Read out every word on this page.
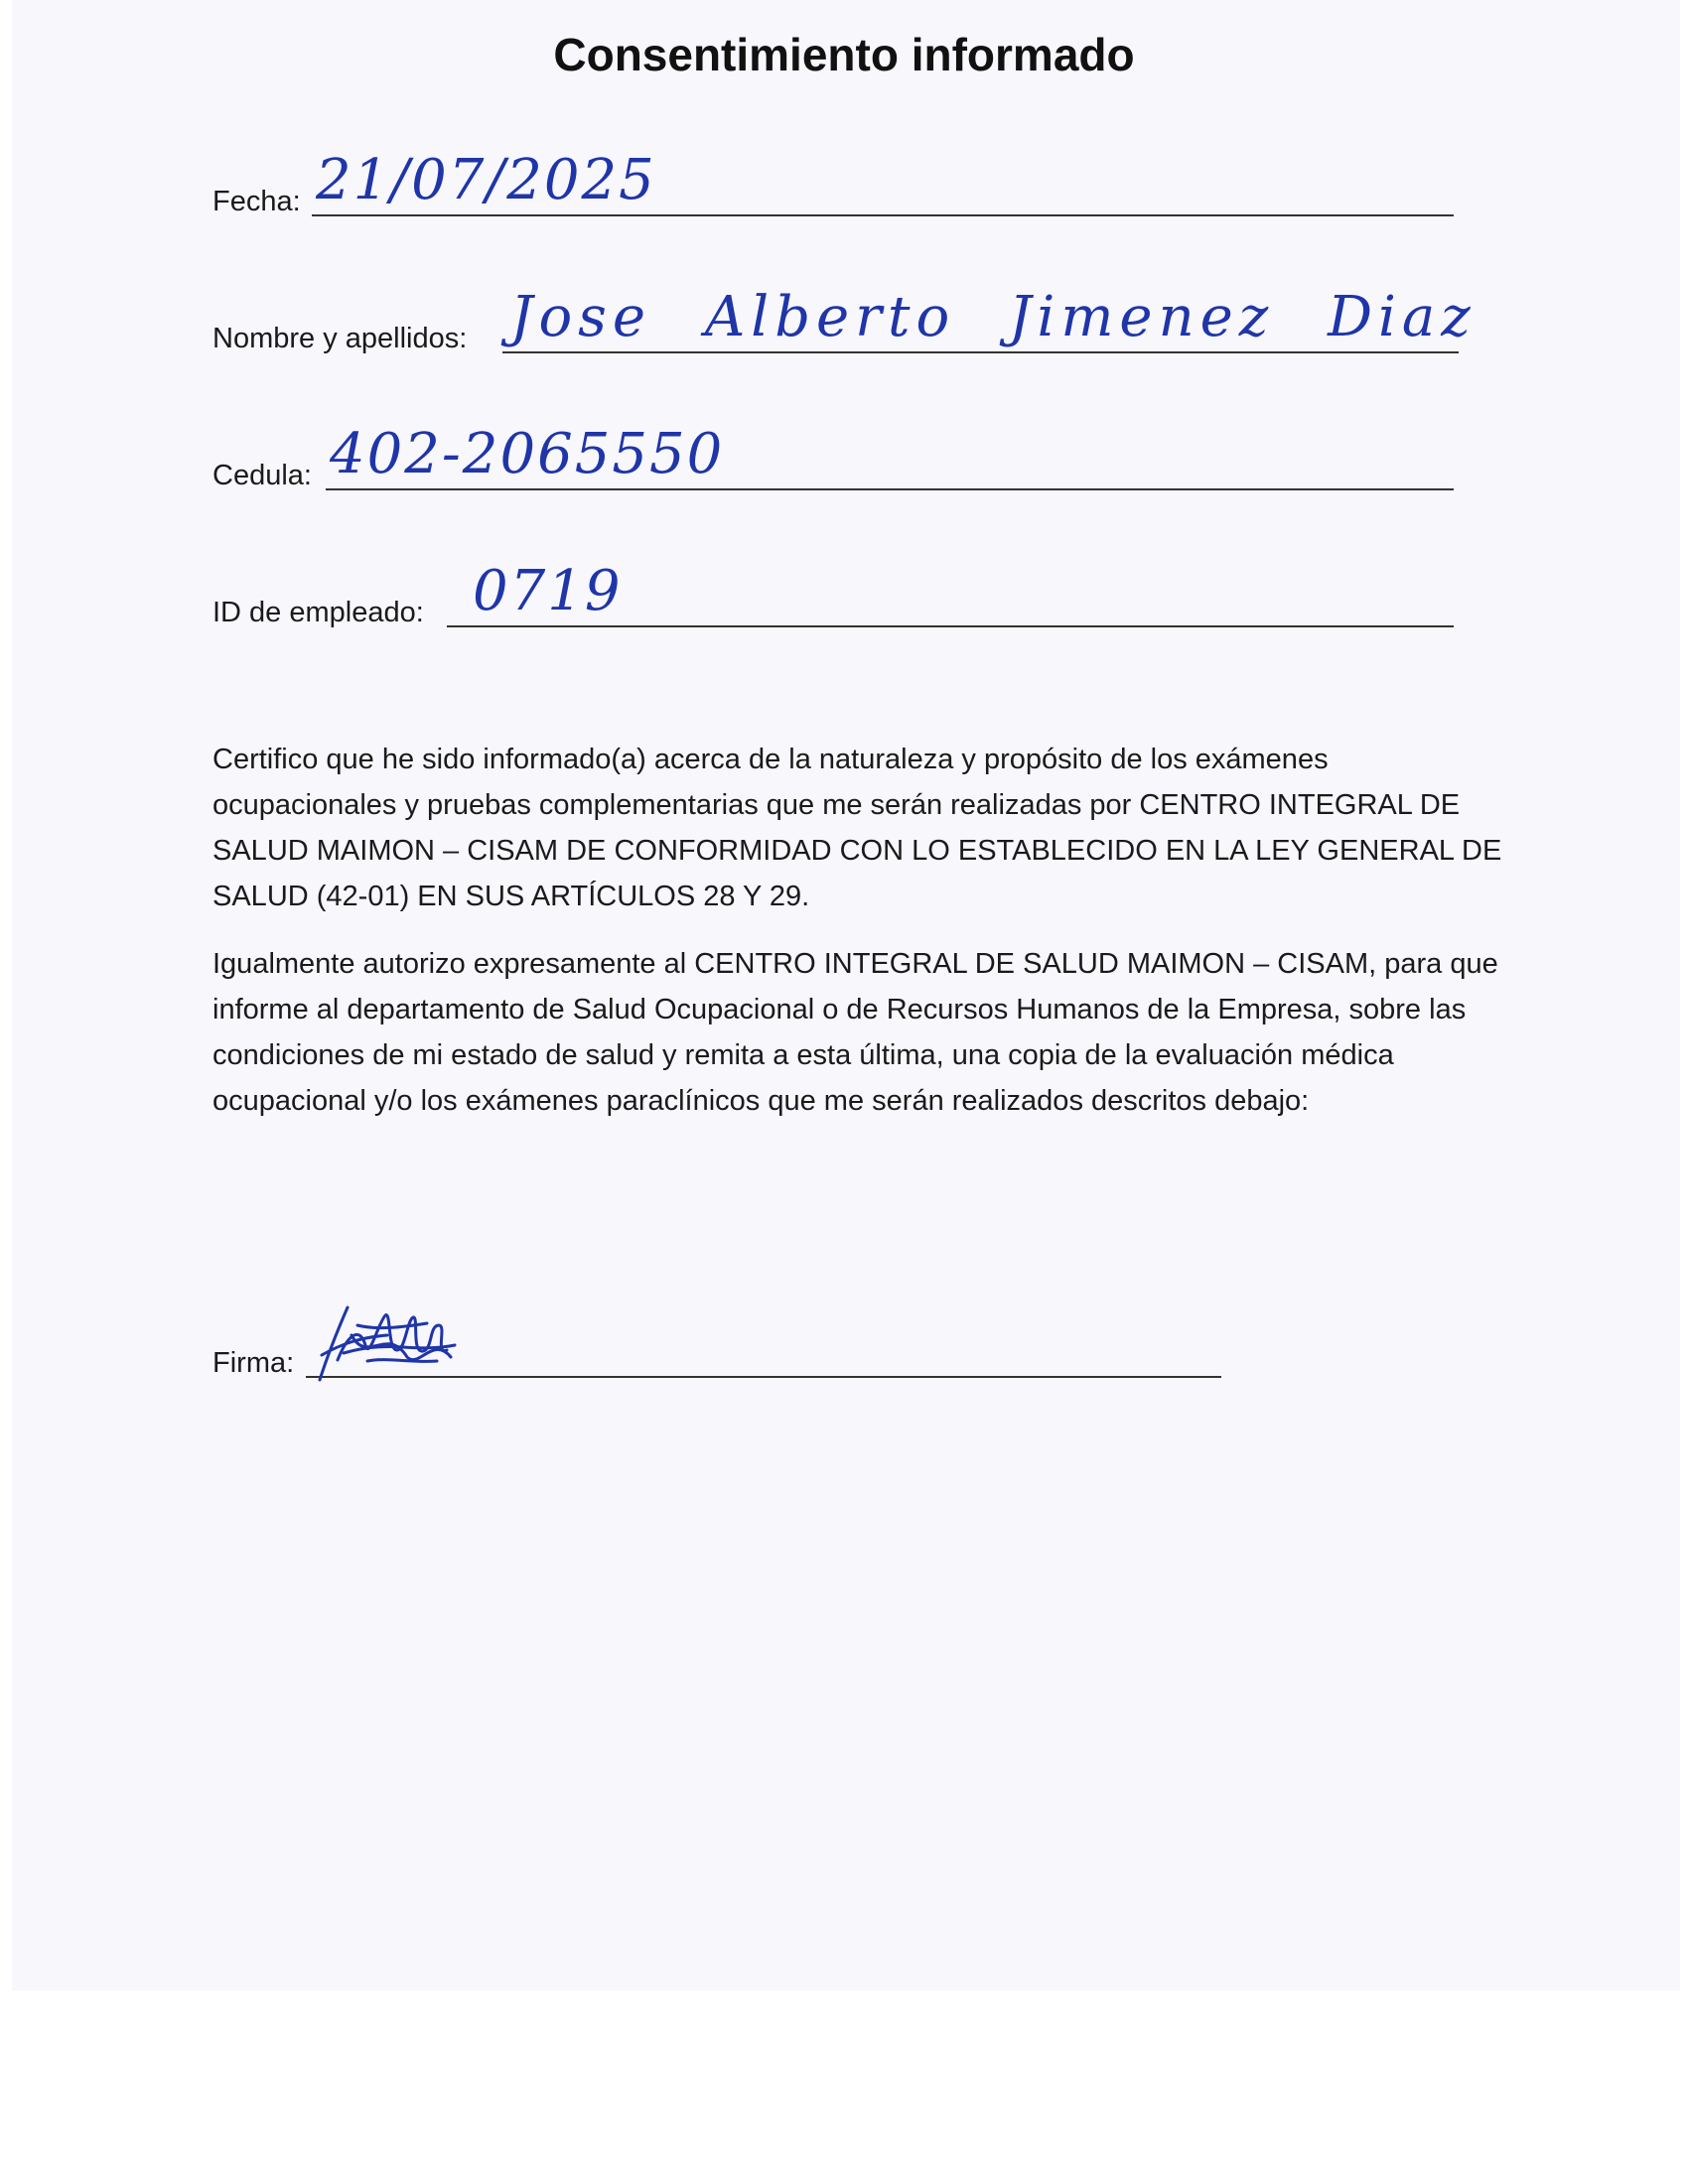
Consentimiento informado
Fecha: 21/07/2025
Nombre y apellidos: Jose Alberto Jimenez Diaz
Cedula: 402-2065550
ID de empleado: 0719

Certifico que he sido informado(a) acerca de la naturaleza y propósito de los exámenes ocupacionales y pruebas complementarias que me serán realizadas por CENTRO INTEGRAL DE SALUD MAIMON – CISAM DE CONFORMIDAD CON LO ESTABLECIDO EN LA LEY GENERAL DE SALUD (42-01) EN SUS ARTÍCULOS 28 Y 29.

Igualmente autorizo expresamente al CENTRO INTEGRAL DE SALUD MAIMON – CISAM, para que informe al departamento de Salud Ocupacional o de Recursos Humanos de la Empresa, sobre las condiciones de mi estado de salud y remita a esta última, una copia de la evaluación médica ocupacional y/o los exámenes paraclínicos que me serán realizados descritos debajo:

Firma:
